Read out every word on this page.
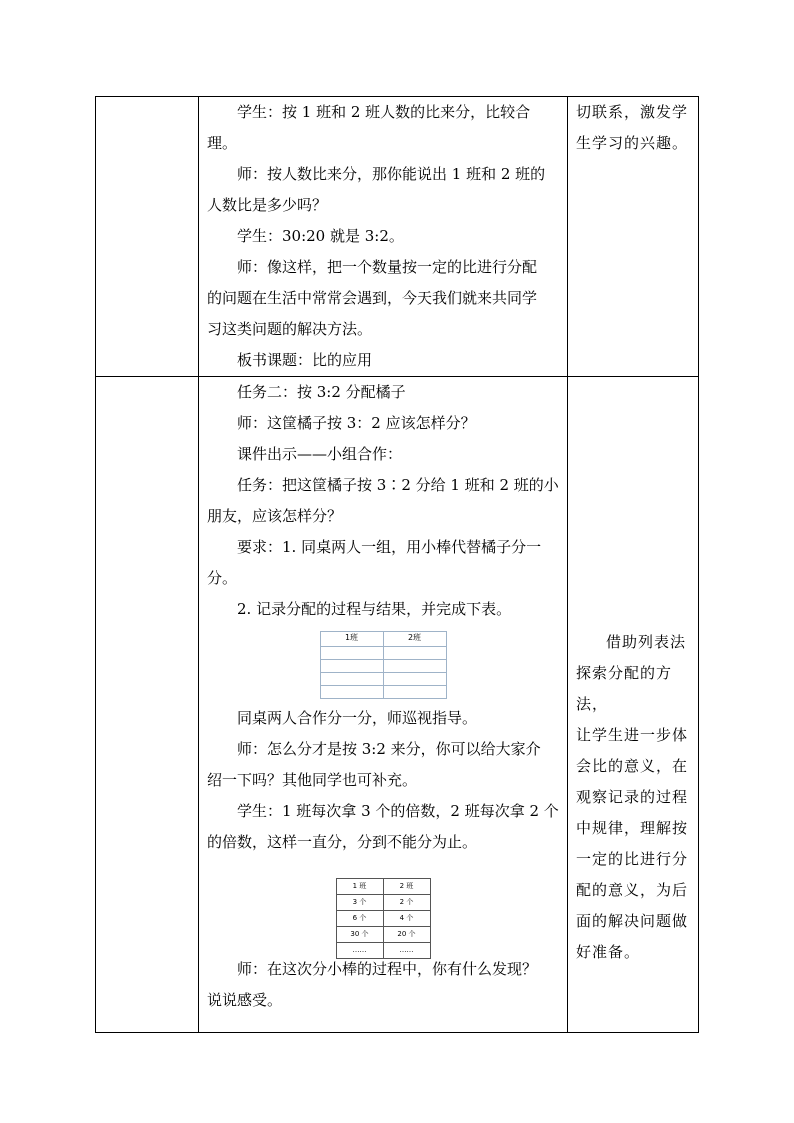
学生：按 1 班和 2 班人数的比来分，比较合理。

师：按人数比来分，那你能说出 1 班和 2 班的

人数比是多少吗？

学生：30:20 就是 3:2。

师：像这样，把一个数量按一定的比进行分配

的问题在生活中常常会遇到，今天我们就来共同学

习这类问题的解决方法。

板书课题：比的应用

切联系，激发学

生学习的兴趣。

任务二：按 3:2 分配橘子

师：这筐橘子按 3：2 应该怎样分？

课件出示——小组合作：

任务：把这筐橘子按 3∶2 分给 1 班和 2 班的小

朋友，应该怎样分？

要求：1. 同桌两人一组，用小棒代替橘子分一

分。

2. 记录分配的过程与结果，并完成下表。

1班	2班

同桌两人合作分一分，师巡视指导。

师：怎么分才是按 3:2 来分，你可以给大家介

绍一下吗？其他同学也可补充。

学生：1 班每次拿 3 个的倍数，2 班每次拿 2 个

的倍数，这样一直分，分到不能分为止。

1 班	2 班
3 个	2 个
6 个	4 个
30 个	20 个
……	……

师：在这次分小棒的过程中，你有什么发现？

说说感受。

借助列表法

探索分配的方法，

让学生进一步体

会比的意义，在

观察记录的过程

中规律，理解按

一定的比进行分

配的意义，为后

面的解决问题做

好准备。
